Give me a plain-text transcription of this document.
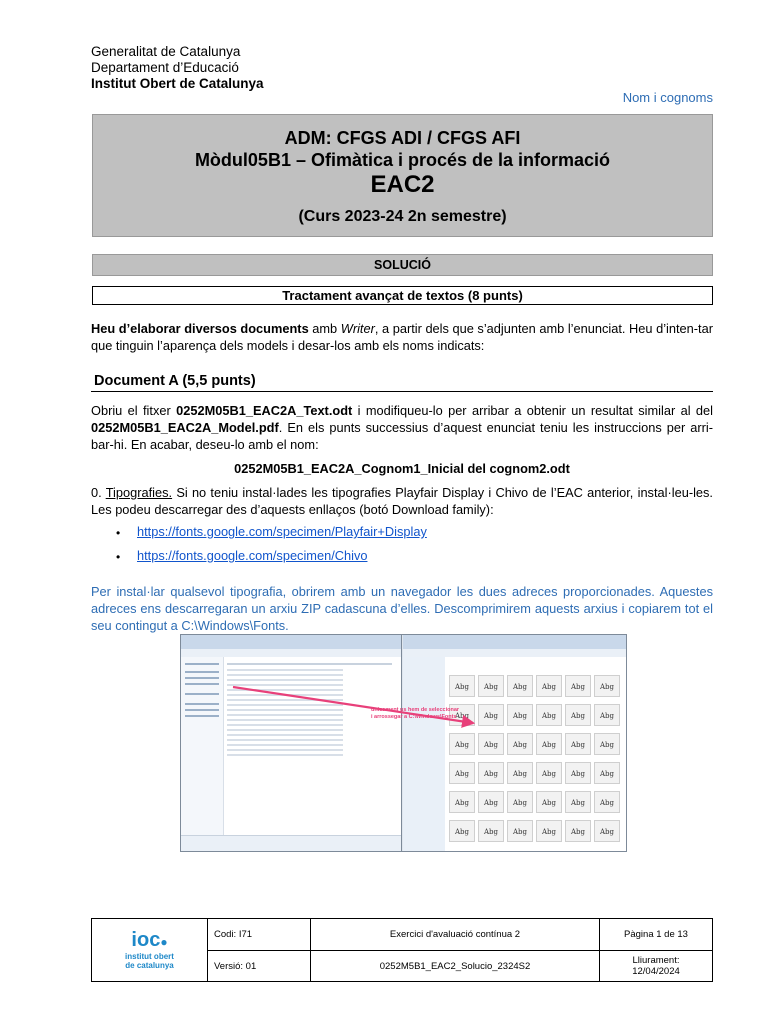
Generalitat de Catalunya
Departament d’Educació
Institut Obert de Catalunya
Nom i cognoms
ADM: CFGS ADI / CFGS AFI
Mòdul05B1 – Ofimàtica i procés de la informació
EAC2
(Curs 2023-24 2n semestre)
SOLUCIÓ
Tractament avançat de textos (8 punts)
Heu d’elaborar diversos documents amb Writer, a partir dels que s’adjunten amb l’enunciat. Heu d’inten-tar que tinguin l’aparença dels models i desar-los amb els noms indicats:
Document A (5,5 punts)
Obriu el fitxer 0252M05B1_EAC2A_Text.odt i modifiqueu-lo per arribar a obtenir un resultat similar al del 0252M05B1_EAC2A_Model.pdf. En els punts successius d’aquest enunciat teniu les instruccions per arri-bar-hi. En acabar, deseu-lo amb el nom:
0252M05B1_EAC2A_Cognom1_Inicial del cognom2.odt
0. Tipografies. Si no teniu instal·lades les tipografies Playfair Display i Chivo de l’EAC anterior, instal·leu-les. Les podeu descarregar des d’aquests enllaços (botó Download family):
• https://fonts.google.com/specimen/Playfair+Display
• https://fonts.google.com/specimen/Chivo
Per instal·lar qualsevol tipografia, obrirem amb un navegador les dues adreces proporcionades. Aquestes adreces ens descarregaran un arxiu ZIP cadascuna d’elles. Descomprimirem aquests arxius i copiarem tot el seu contingut a C:\Windows\Fonts.
Abg	Abg	Abg	Abg	Abg	Abg
Abg	Abg	Abg	Abg	Abg	Abg
Abg	Abg	Abg	Abg	Abg	Abg
Abg	Abg	Abg	Abg	Abg	Abg
Abg	Abg	Abg	Abg	Abg	Abg
Abg	Abg	Abg	Abg	Abg	Abg
únicament us hem de seleccionar i arrossegar a C:\Windows\Fonts
ioc●
institut obert
de catalunya	Codi: I71	Exercici d'avaluació contínua 2	Pàgina 1 de 13
	Versió: 01	0252M5B1_EAC2_Solucio_2324S2	Lliurament:
12/04/2024
